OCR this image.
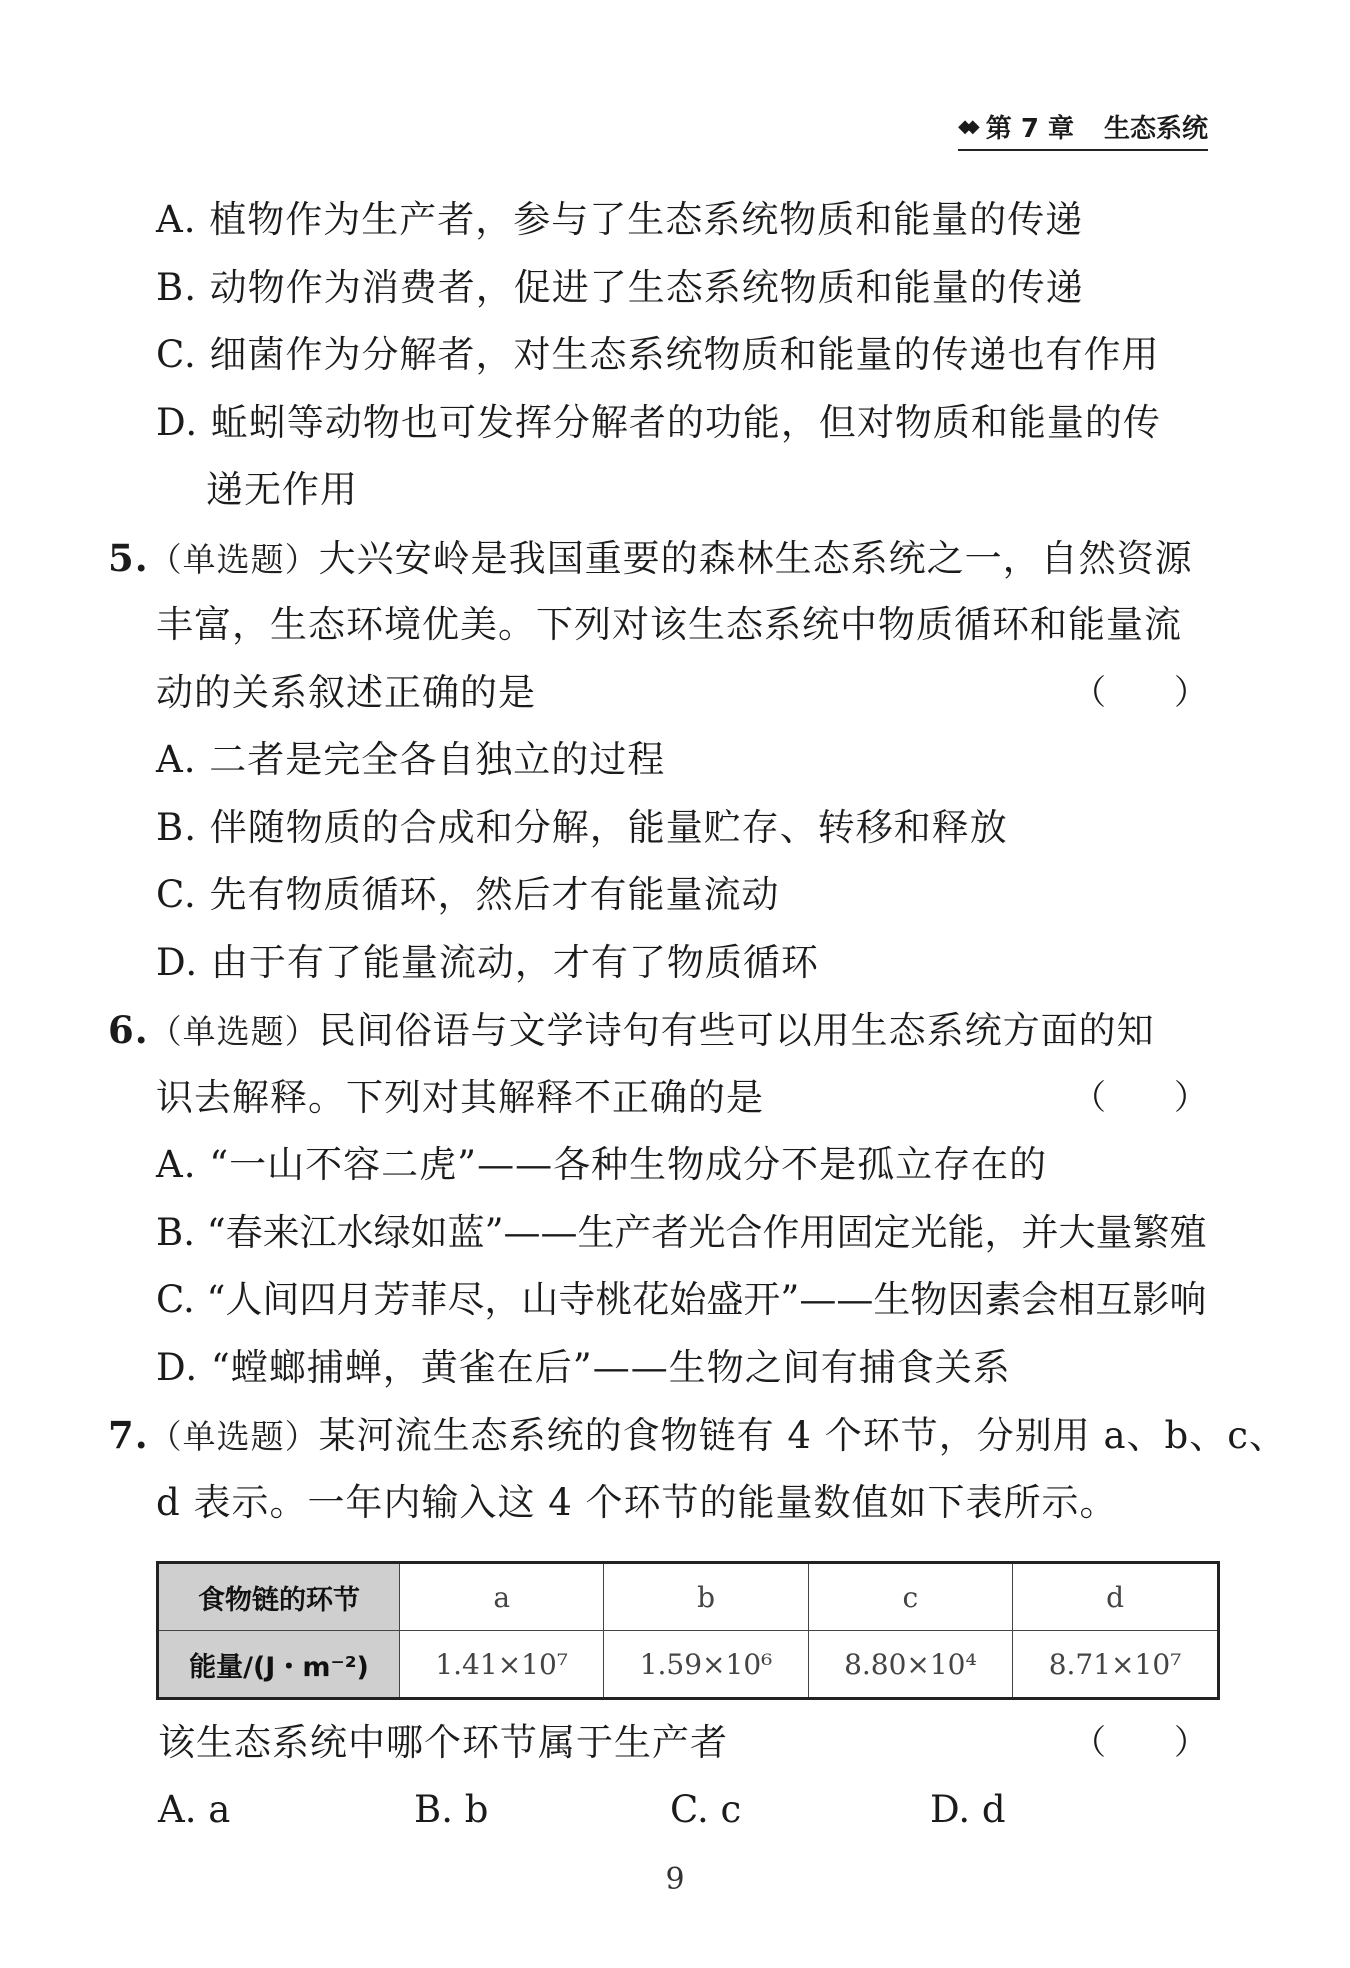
◆◆ 第 7 章 生态系统
A. 植物作为生产者，参与了生态系统物质和能量的传递
B. 动物作为消费者，促进了生态系统物质和能量的传递
C. 细菌作为分解者，对生态系统物质和能量的传递也有作用
D. 蚯蚓等动物也可发挥分解者的功能，但对物质和能量的传
递无作用
5.（单选题）大兴安岭是我国重要的森林生态系统之一，自然资源
丰富，生态环境优美。下列对该生态系统中物质循环和能量流
动的关系叙述正确的是	（　　）
A. 二者是完全各自独立的过程
B. 伴随物质的合成和分解，能量贮存、转移和释放
C. 先有物质循环，然后才有能量流动
D. 由于有了能量流动，才有了物质循环
6.（单选题）民间俗语与文学诗句有些可以用生态系统方面的知
识去解释。下列对其解释不正确的是	（　　）
A. “一山不容二虎”——各种生物成分不是孤立存在的
B. “春来江水绿如蓝”——生产者光合作用固定光能，并大量繁殖
C. “人间四月芳菲尽，山寺桃花始盛开”——生物因素会相互影响
D. “螳螂捕蝉，黄雀在后”——生物之间有捕食关系
7.（单选题）某河流生态系统的食物链有 4 个环节，分别用 a、b、c、
d 表示。一年内输入这 4 个环节的能量数值如下表所示。
食物链的环节	a	b	c	d
能量/(J・m⁻²)	1.41×10⁷	1.59×10⁶	8.80×10⁴	8.71×10⁷
该生态系统中哪个环节属于生产者	（　　）
A. a	B. b	C. c	D. d
9
